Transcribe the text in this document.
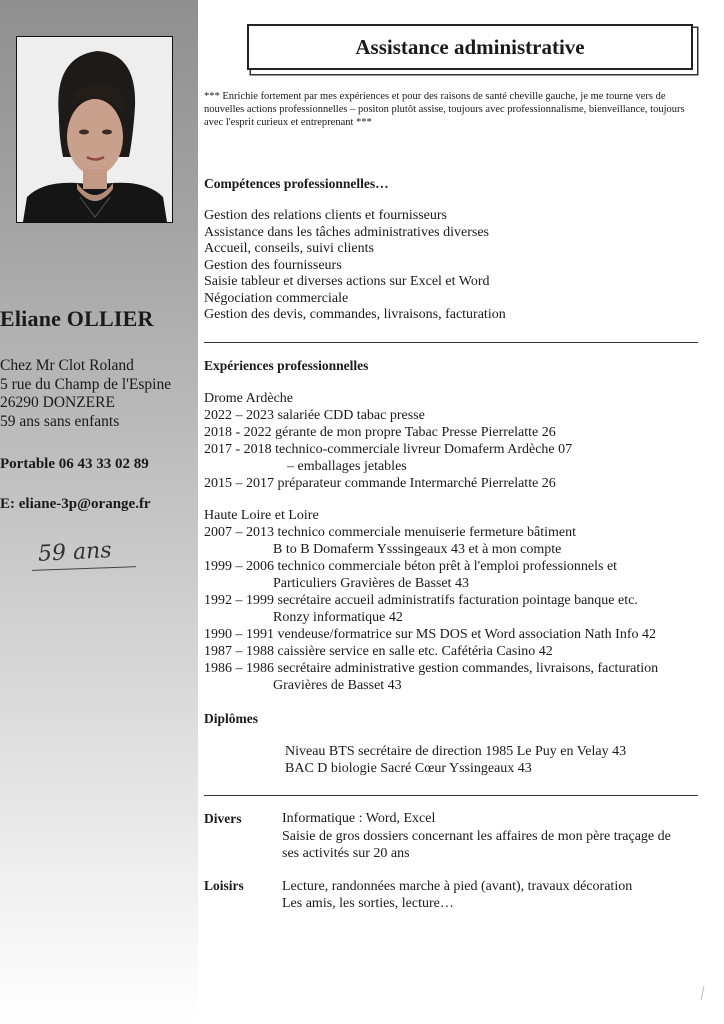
Eliane OLLIER
Chez Mr Clot Roland
5 rue du Champ de l'Espine
26290 DONZERE
59 ans sans enfants
Portable 06 43 33 02 89
E: eliane-3p@orange.fr
59 ans
Assistance administrative
*** Enrichie fortement par mes expériences et pour des raisons de santé cheville gauche, je me tourne vers de nouvelles actions professionnelles – positon plutôt assise, toujours avec professionnalisme, bienveillance, toujours avec l'esprit curieux et entreprenant ***
Compétences professionnelles…
Gestion des relations clients et fournisseurs
Assistance dans les tâches administratives diverses
Accueil, conseils, suivi clients
Gestion des fournisseurs
Saisie tableur et diverses actions sur Excel et Word
Négociation commerciale
Gestion des devis, commandes, livraisons, facturation
Expériences professionnelles
Drome Ardèche
2022 – 2023 salariée CDD tabac presse
2018 - 2022 gérante de mon propre Tabac Presse Pierrelatte 26
2017 - 2018 technico-commerciale livreur Domaferm Ardèche 07
– emballages jetables
2015 – 2017 préparateur commande Intermarché Pierrelatte 26
Haute Loire et Loire
2007 – 2013 technico commerciale menuiserie fermeture bâtiment
B to B Domaferm Ysssingeaux 43 et à mon compte
1999 – 2006 technico commerciale béton prêt à l'emploi professionnels et
Particuliers Gravières de Basset 43
1992 – 1999 secrétaire accueil administratifs facturation pointage banque etc.
Ronzy informatique 42
1990 – 1991 vendeuse/formatrice sur MS DOS et Word association Nath Info 42
1987 – 1988 caissière service en salle etc. Cafétéria Casino 42
1986 – 1986 secrétaire administrative gestion commandes, livraisons, facturation
Gravières de Basset 43
Diplômes
Niveau BTS secrétaire de direction 1985 Le Puy en Velay 43
BAC D biologie Sacré Cœur Yssingeaux 43
Divers	Informatique : Word, Excel
Saisie de gros dossiers concernant les affaires de mon père traçage de
ses activités sur 20 ans
Loisirs	Lecture, randonnées marche à pied (avant), travaux décoration
Les amis, les sorties, lecture…
